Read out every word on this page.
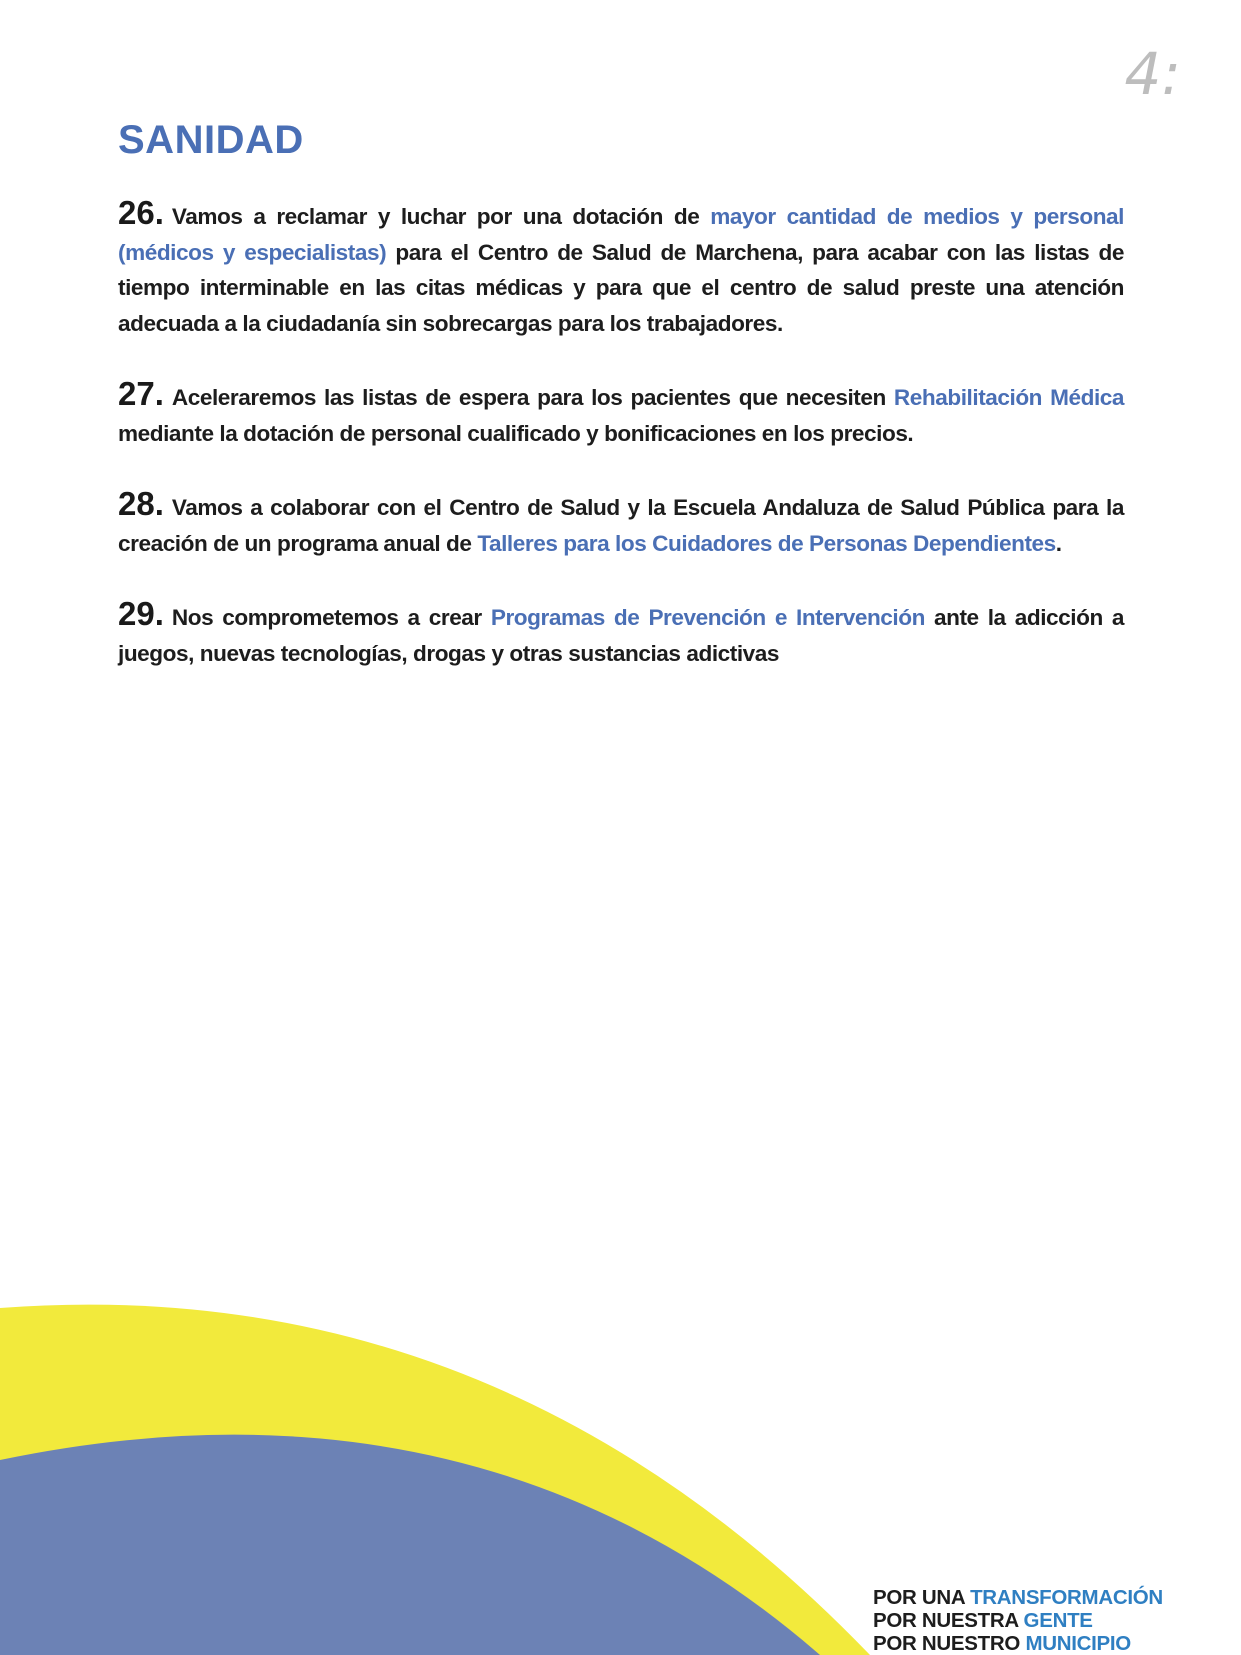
4:
SANIDAD

26. Vamos a reclamar y luchar por una dotación de mayor cantidad de medios y personal (médicos y especialistas) para el Centro de Salud de Marchena, para acabar con las listas de tiempo interminable en las citas médicas y para que el centro de salud preste una atención adecuada a la ciudadanía sin sobrecargas para los trabajadores.

27. Aceleraremos las listas de espera para los pacientes que necesiten Rehabilitación Médica mediante la dotación de personal cualificado y bonificaciones en los precios.

28. Vamos a colaborar con el Centro de Salud y la Escuela Andaluza de Salud Pública para la creación de un programa anual de Talleres para los Cuidadores de Personas Dependientes.

29. Nos comprometemos a crear Programas de Prevención e Intervención ante la adicción a juegos, nuevas tecnologías, drogas y otras sustancias adictivas

POR UNA TRANSFORMACIÓN
POR NUESTRA GENTE
POR NUESTRO MUNICIPIO
